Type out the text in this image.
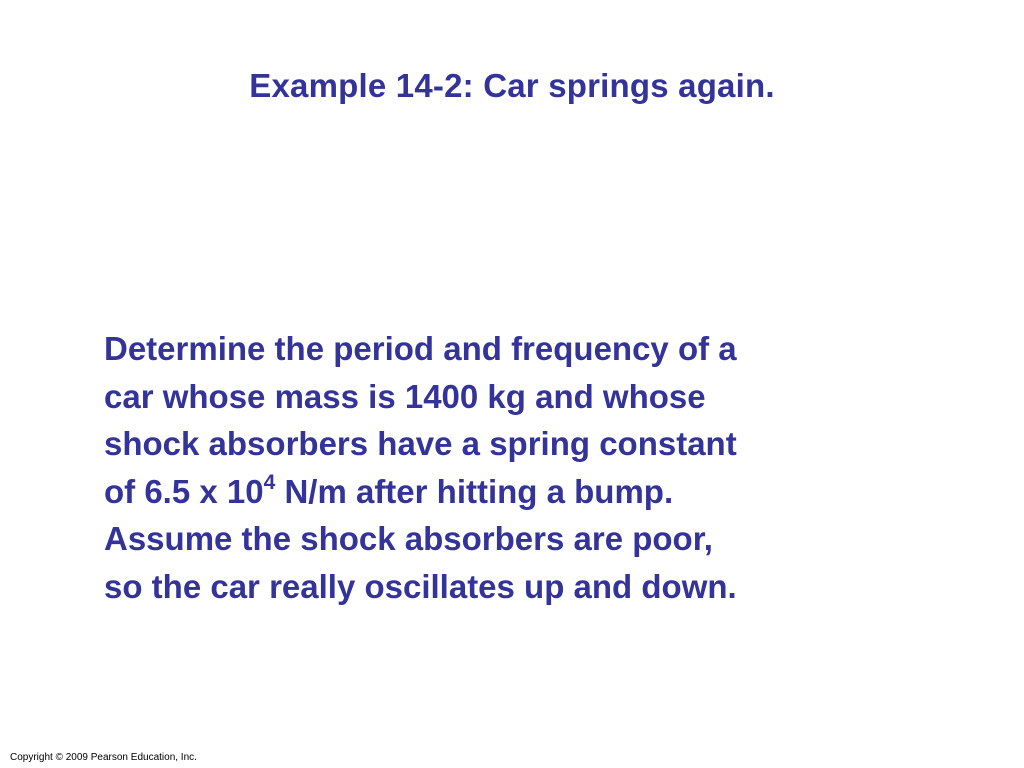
Example 14-2: Car springs again.
Determine the period and frequency of a
car whose mass is 1400 kg and whose
shock absorbers have a spring constant
of 6.5 x $10^4$ N/m after hitting a bump.
Assume the shock absorbers are poor,
so the car really oscillates up and down.

Copyright © 2009 Pearson Education, Inc.
